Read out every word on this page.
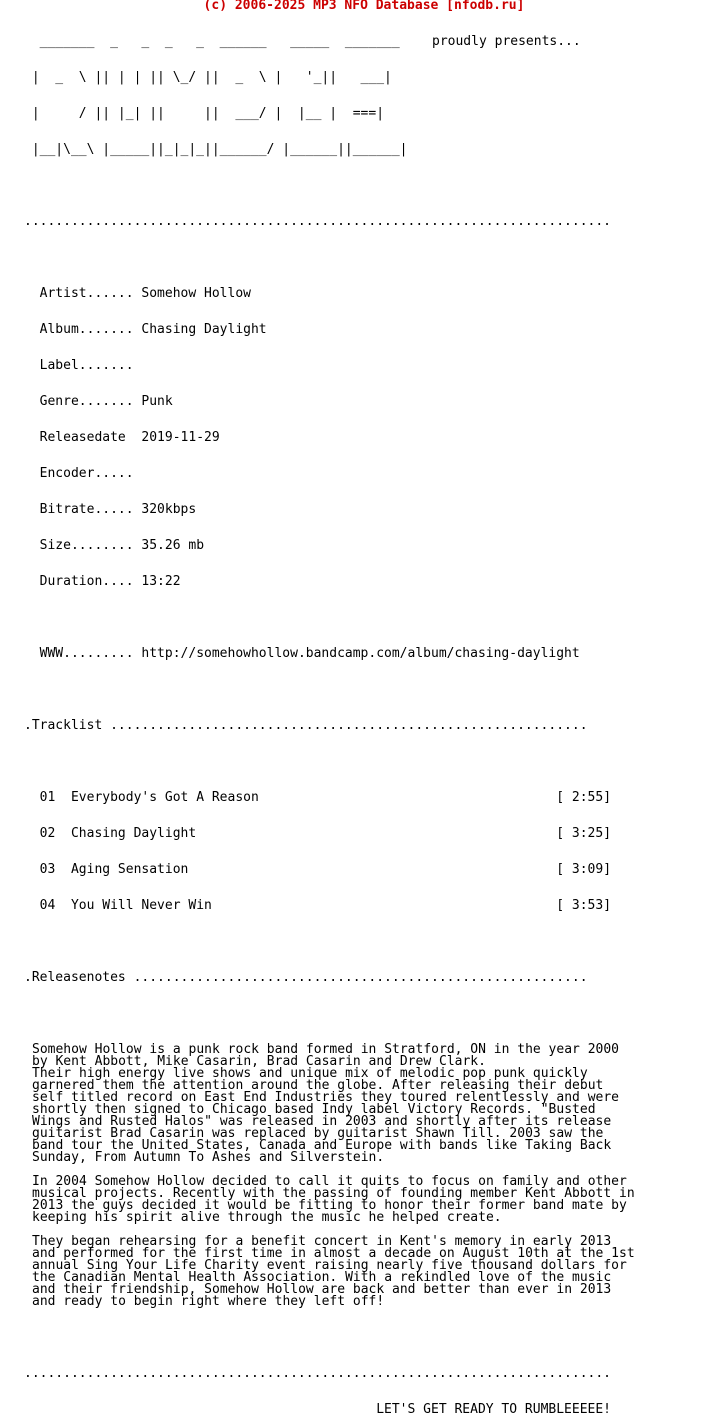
(c) 2006-2025 MP3 NFO Database [nfodb.ru]
proudly presents...

_______  _   _  _   _  ______   _____  _______

|  _  \ || | | || \_/ ||  _  \ |   '_||   ___|

|     / || |_| ||     ||  ___/ |  |__ |  ===|

|__|\__\ |_____||_|_|_||______/ |______||______|

...........................................................................

Artist...... Somehow Hollow

Album....... Chasing Daylight

Label.......

Genre....... Punk

Releasedate 2019-11-29

Encoder.....

Bitrate..... 320kbps

Size........ 35.26 mb

Duration.... 13:22

WWW......... http://somehowhollow.bandcamp.com/album/chasing-daylight

.Tracklist .............................................................

01 Everybody's Got A Reason	[ 2:55]

02 Chasing Daylight	[ 3:25]

03 Aging Sensation	[ 3:09]

04 You Will Never Win	[ 3:53]

.Releasenotes ..........................................................

Somehow Hollow is a punk rock band formed in Stratford, ON in the year 2000
by Kent Abbott, Mike Casarin, Brad Casarin and Drew Clark.
Their high energy live shows and unique mix of melodic pop punk quickly
garnered them the attention around the globe. After releasing their debut
self titled record on East End Industries they toured relentlessly and were
shortly then signed to Chicago based Indy label Victory Records. "Busted
Wings and Rusted Halos" was released in 2003 and shortly after its release
guitarist Brad Casarin was replaced by guitarist Shawn Till. 2003 saw the
band tour the United States, Canada and Europe with bands like Taking Back
Sunday, From Autumn To Ashes and Silverstein.
In 2004 Somehow Hollow decided to call it quits to focus on family and other
musical projects. Recently with the passing of founding member Kent Abbott in
2013 the guys decided it would be fitting to honor their former band mate by
keeping his spirit alive through the music he helped create.
They began rehearsing for a benefit concert in Kent's memory in early 2013
and performed for the first time in almost a decade on August 10th at the 1st
annual Sing Your Life Charity event raising nearly five thousand dollars for
the Canadian Mental Health Association. With a rekindled love of the music
and their friendship, Somehow Hollow are back and better than ever in 2013
and ready to begin right where they left off!

...........................................................................

LET'S GET READY TO RUMBLEEEEE!
